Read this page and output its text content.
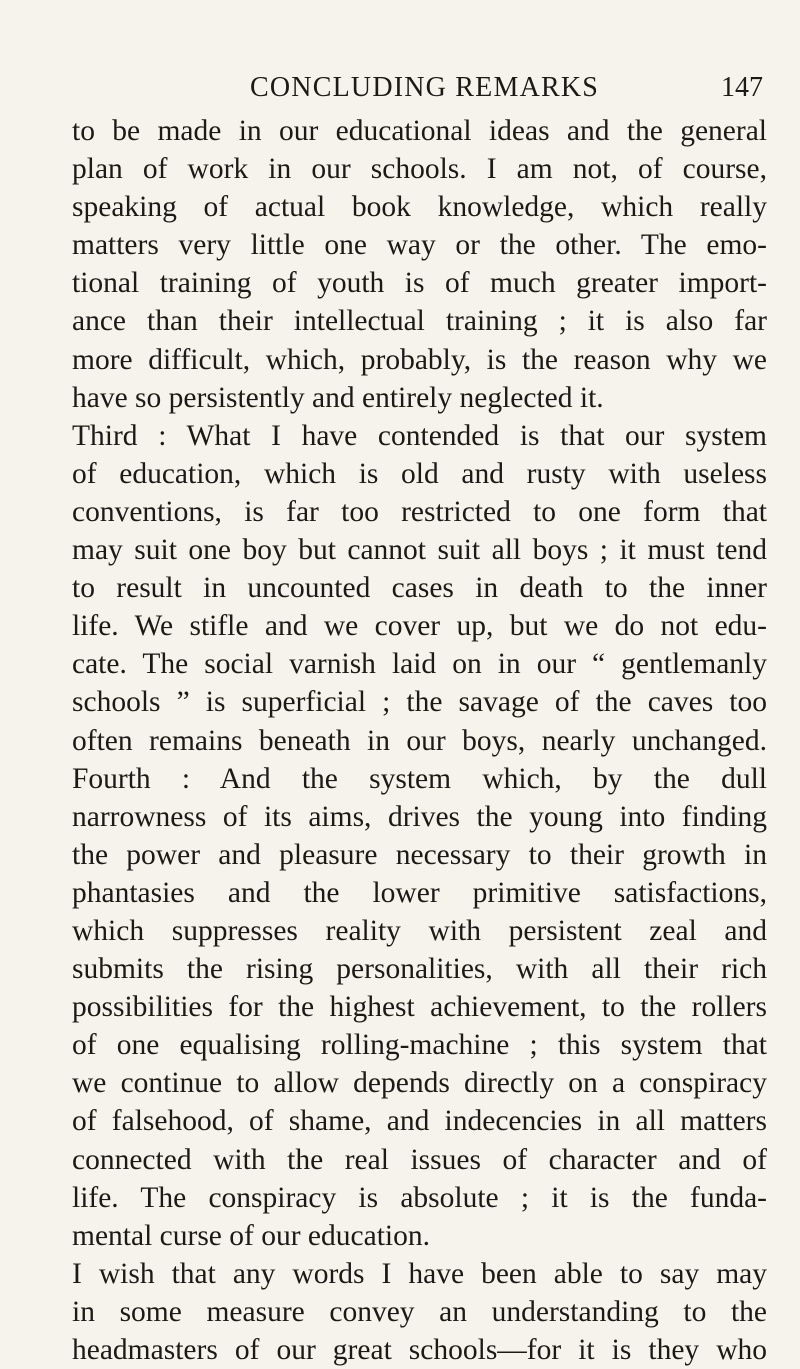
CONCLUDING REMARKS	147
to be made in our educational ideas and the general
plan of work in our schools. I am not, of course,
speaking of actual book knowledge, which really
matters very little one way or the other. The emo-
tional training of youth is of much greater import-
ance than their intellectual training ; it is also far
more difficult, which, probably, is the reason why we
have so persistently and entirely neglected it.
Third : What I have contended is that our system
of education, which is old and rusty with useless
conventions, is far too restricted to one form that
may suit one boy but cannot suit all boys ; it must tend
to result in uncounted cases in death to the inner
life. We stifle and we cover up, but we do not edu-
cate. The social varnish laid on in our “ gentlemanly
schools ” is superficial ; the savage of the caves too
often remains beneath in our boys, nearly unchanged.
Fourth : And the system which, by the dull
narrowness of its aims, drives the young into finding
the power and pleasure necessary to their growth in
phantasies and the lower primitive satisfactions,
which suppresses reality with persistent zeal and
submits the rising personalities, with all their rich
possibilities for the highest achievement, to the rollers
of one equalising rolling-machine ; this system that
we continue to allow depends directly on a conspiracy
of falsehood, of shame, and indecencies in all matters
connected with the real issues of character and of
life. The conspiracy is absolute ; it is the funda-
mental curse of our education.
I wish that any words I have been able to say may
in some measure convey an understanding to the
headmasters of our great schools—for it is they who
